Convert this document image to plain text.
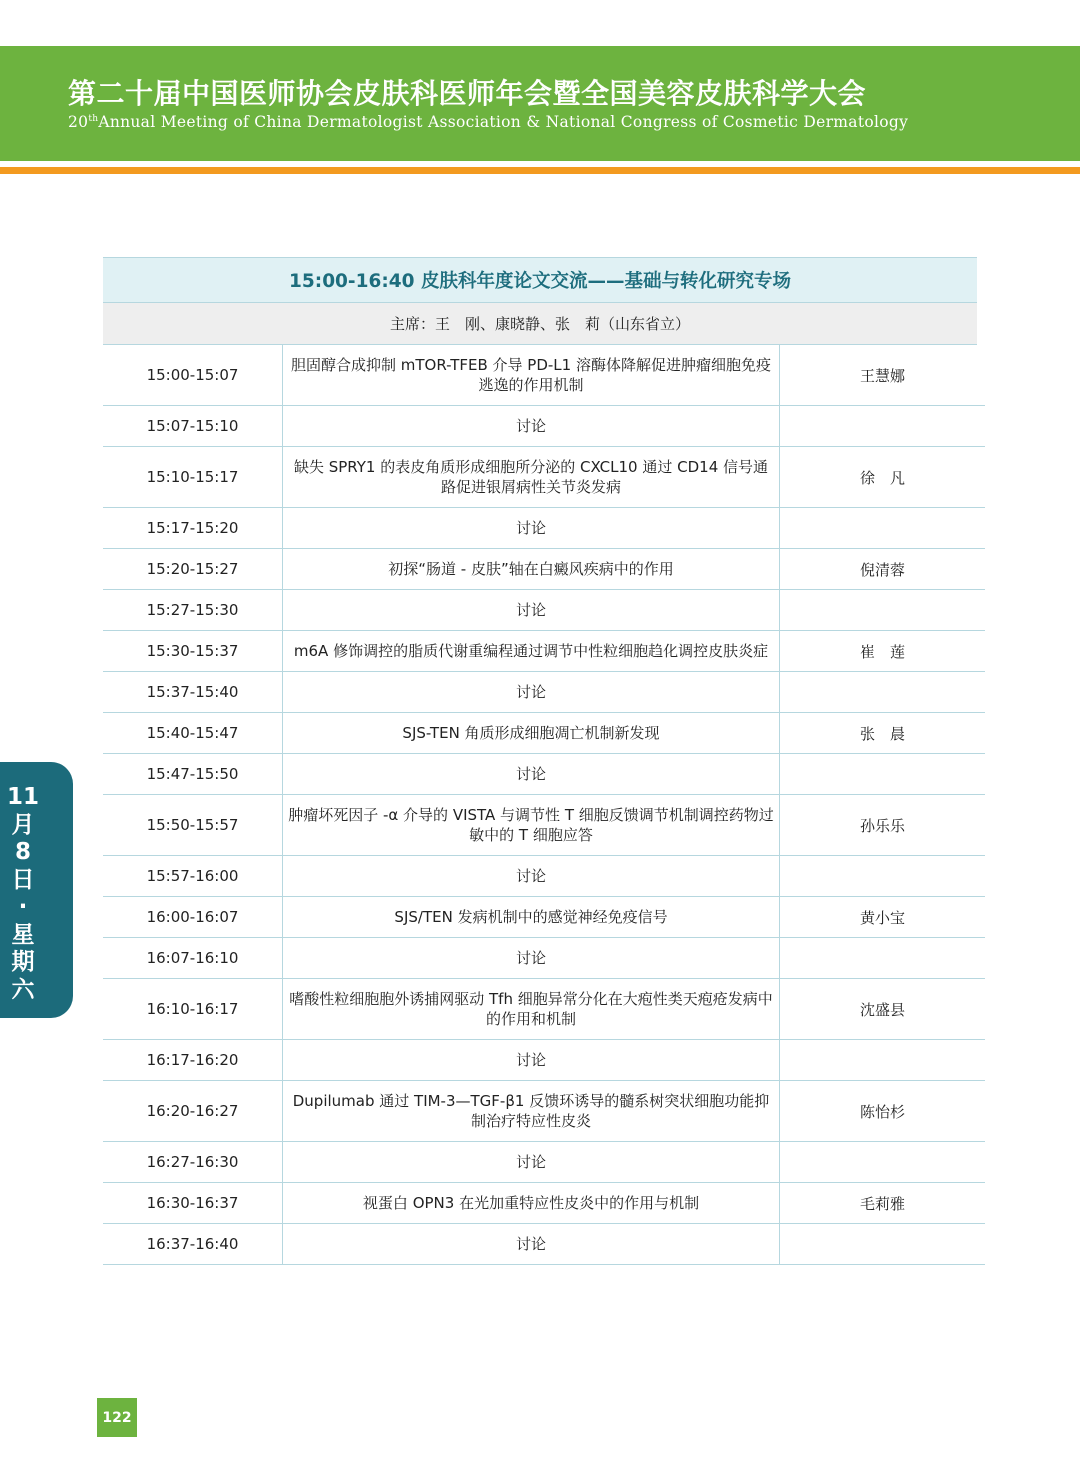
第二十届中国医师协会皮肤科医师年会暨全国美容皮肤科学大会
20thAnnual Meeting of China Dermatologist Association & National Congress of Cosmetic Dermatology
15:00-16:40 皮肤科年度论文交流——基础与转化研究专场
主席：王　刚、康晓静、张　莉（山东省立）
15:00-15:07	胆固醇合成抑制 mTOR-TFEB 介导 PD-L1 溶酶体降解促进肿瘤细胞免疫逃逸的作用机制	王慧娜
15:07-15:10	讨论	
15:10-15:17	缺失 SPRY1 的表皮角质形成细胞所分泌的 CXCL10 通过 CD14 信号通路促进银屑病性关节炎发病	徐　凡
15:17-15:20	讨论	
15:20-15:27	初探“肠道 - 皮肤”轴在白癜风疾病中的作用	倪清蓉
15:27-15:30	讨论	
15:30-15:37	m6A 修饰调控的脂质代谢重编程通过调节中性粒细胞趋化调控皮肤炎症	崔　莲
15:37-15:40	讨论	
15:40-15:47	SJS-TEN 角质形成细胞凋亡机制新发现	张　晨
15:47-15:50	讨论	
15:50-15:57	肿瘤坏死因子 -α 介导的 VISTA 与调节性 T 细胞反馈调节机制调控药物过敏中的 T 细胞应答	孙乐乐
15:57-16:00	讨论	
16:00-16:07	SJS/TEN 发病机制中的感觉神经免疫信号	黄小宝
16:07-16:10	讨论	
16:10-16:17	嗜酸性粒细胞胞外诱捕网驱动 Tfh 细胞异常分化在大疱性类天疱疮发病中的作用和机制	沈盛县
16:17-16:20	讨论	
16:20-16:27	Dupilumab 通过 TIM-3—TGF-β1 反馈环诱导的髓系树突状细胞功能抑制治疗特应性皮炎	陈怡杉
16:27-16:30	讨论	
16:30-16:37	视蛋白 OPN3 在光加重特应性皮炎中的作用与机制	毛莉雅
16:37-16:40	讨论	
11
月
8
日
·
星
期
六
122
